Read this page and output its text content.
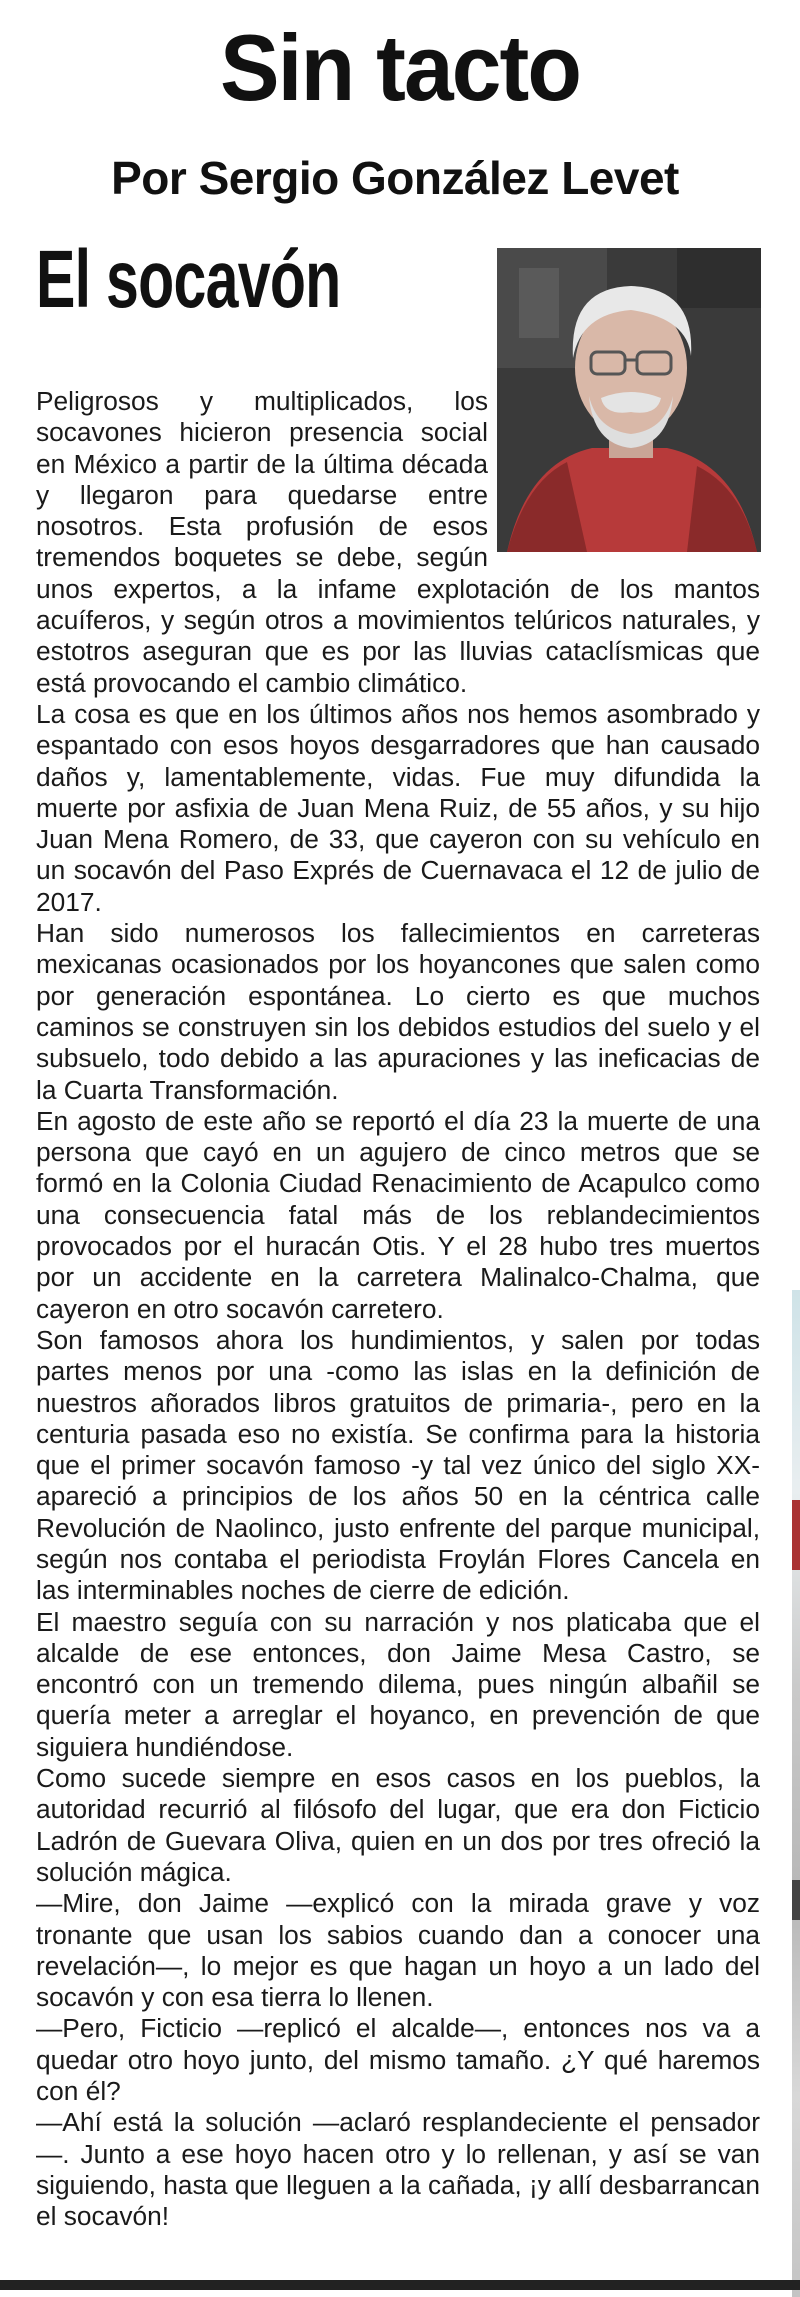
Sin tacto
Por Sergio González Levet
El socavón

Peligrosos y multiplicados, los socavones hicieron presencia social en México a partir de la última década y llegaron para quedarse entre nosotros. Esta profusión de esos tremendos boquetes se debe, según unos expertos, a la infame explotación de los mantos acuíferos, y según otros a movimientos telúricos naturales, y estotros aseguran que es por las lluvias cataclísmicas que está provocando el cambio climático.

La cosa es que en los últimos años nos hemos asombrado y espantado con esos hoyos desgarradores que han causado daños y, lamentablemente, vidas. Fue muy difundida la muerte por asfixia de Juan Mena Ruiz, de 55 años, y su hijo Juan Mena Romero, de 33, que cayeron con su vehículo en un socavón del Paso Exprés de Cuernavaca el 12 de julio de 2017.

Han sido numerosos los fallecimientos en carreteras mexicanas ocasionados por los hoyancones que salen como por generación espontánea. Lo cierto es que muchos caminos se construyen sin los debidos estudios del suelo y el subsuelo, todo debido a las apuraciones y las ineficacias de la Cuarta Transformación.

En agosto de este año se reportó el día 23 la muerte de una persona que cayó en un agujero de cinco metros que se formó en la Colonia Ciudad Renacimiento de Acapulco como una consecuencia fatal más de los reblandecimientos provocados por el huracán Otis. Y el 28 hubo tres muertos por un accidente en la carretera Malinalco-Chalma, que cayeron en otro socavón carretero.

Son famosos ahora los hundimientos, y salen por todas partes menos por una -como las islas en la definición de nuestros añorados libros gratuitos de primaria-, pero en la centuria pasada eso no existía. Se confirma para la historia que el primer socavón famoso -y tal vez único del siglo XX- apareció a principios de los años 50 en la céntrica calle Revolución de Naolinco, justo enfrente del parque municipal, según nos contaba el periodista Froylán Flores Cancela en las interminables noches de cierre de edición.

El maestro seguía con su narración y nos platicaba que el alcalde de ese entonces, don Jaime Mesa Castro, se encontró con un tremendo dilema, pues ningún albañil se quería meter a arreglar el hoyanco, en prevención de que siguiera hundiéndose.

Como sucede siempre en esos casos en los pueblos, la autoridad recurrió al filósofo del lugar, que era don Ficticio Ladrón de Guevara Oliva, quien en un dos por tres ofreció la solución mágica.

—Mire, don Jaime —explicó con la mirada grave y voz tronante que usan los sabios cuando dan a conocer una revelación—, lo mejor es que hagan un hoyo a un lado del socavón y con esa tierra lo llenen.

—Pero, Ficticio —replicó el alcalde—, entonces nos va a quedar otro hoyo junto, del mismo tamaño. ¿Y qué haremos con él?

—Ahí está la solución —aclaró resplandeciente el pensador—. Junto a ese hoyo hacen otro y lo rellenan, y así se van siguiendo, hasta que lleguen a la cañada, ¡y allí desbarrancan el socavón!
